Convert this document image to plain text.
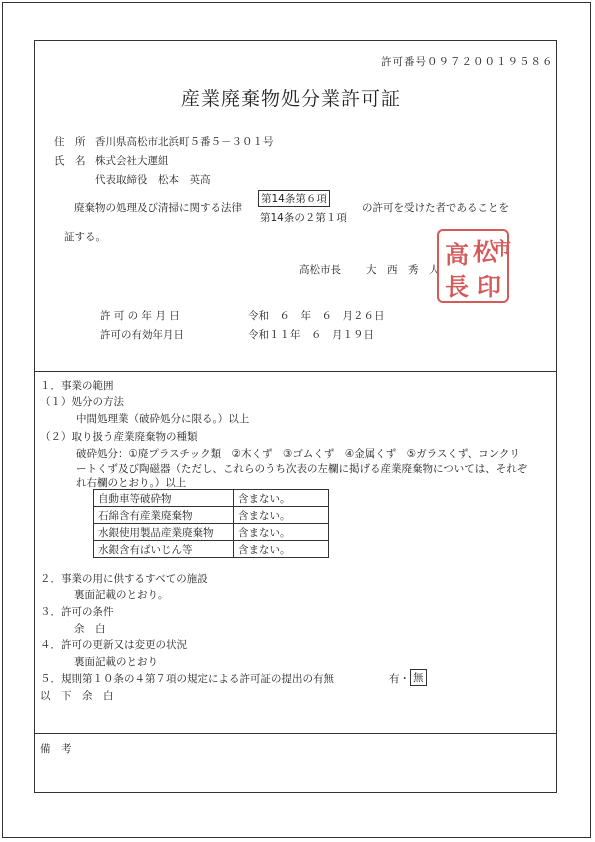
許可番号０９７２００１９５８６
産業廃棄物処分業許可証
住　所 香川県高松市北浜町５番５－３０１号
氏　名 株式会社大運組
代表取締役　松本　英高
廃棄物の処理及び清掃に関する法律
第14条第６項
第14条の２第１項
の許可を受けた者であることを
証する。
高松市長 大　西　秀　人
高 松
市
長 印
許 可 の 年 月 日	令和　６　年　６　月２６日
許可の有効年月日	令和１１年　６　月１９日
１．事業の範囲
（１）処分の方法
中間処理業（破砕処分に限る。）以上
（２）取り扱う産業廃棄物の種類
破砕処分：①廃プラスチック類　②木くず　③ゴムくず　④金属くず　⑤ガラスくず、コンクリ
ートくず及び陶磁器（ただし、これらのうち次表の左欄に掲げる産業廃棄物については、それぞ
れ右欄のとおり。）以上
自動車等破砕物	含まない。
石綿含有産業廃棄物	含まない。
水銀使用製品産業廃棄物	含まない。
水銀含有ばいじん等	含まない。
２．事業の用に供するすべての施設
裏面記載のとおり。
３．許可の条件
余　白
４．許可の更新又は変更の状況
裏面記載のとおり
５．規則第１０条の４第７項の規定による許可証の提出の有無	有・ 無
以　下　余　白
備　考
